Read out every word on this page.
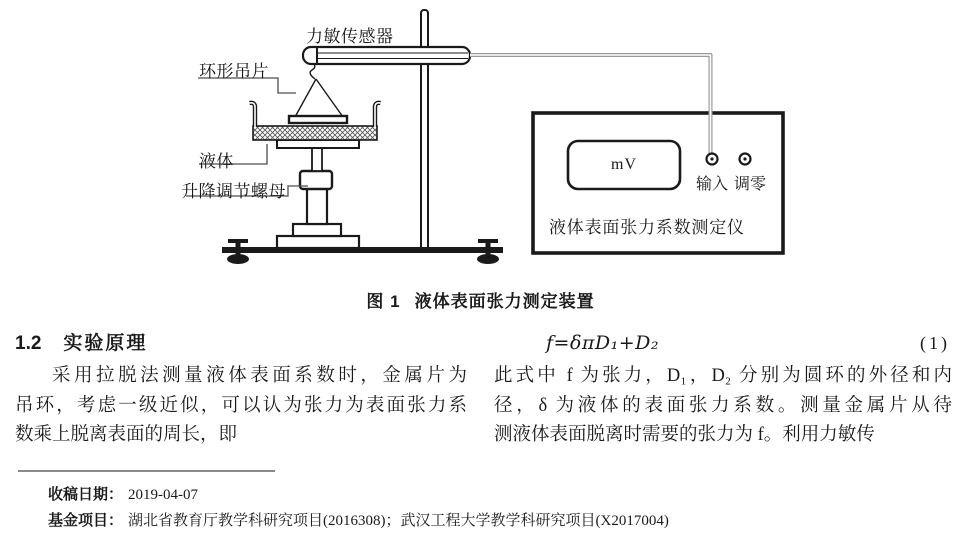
力敏传感器
环形吊片
液体
升降调节螺母
mV
输入 调零
液体表面张力系数测定仪
图 1 液体表面张力测定装置
1.2 实验原理
采用拉脱法测量液体表面系数时，金属片为
吊环，考虑一级近似，可以认为张力为表面张力系
数乘上脱离表面的周长，即
f=δπD₁+D₂	(1)
此式中 f 为张力，D₁，D₂ 分别为圆环的外径和内
径，δ 为液体的表面张力系数。测量金属片从待
测液体表面脱离时需要的张力为 f。利用力敏传
收稿日期： 2019-04-07
基金项目： 湖北省教育厅教学科研究项目(2016308)；武汉工程大学教学科研究项目(X2017004)
